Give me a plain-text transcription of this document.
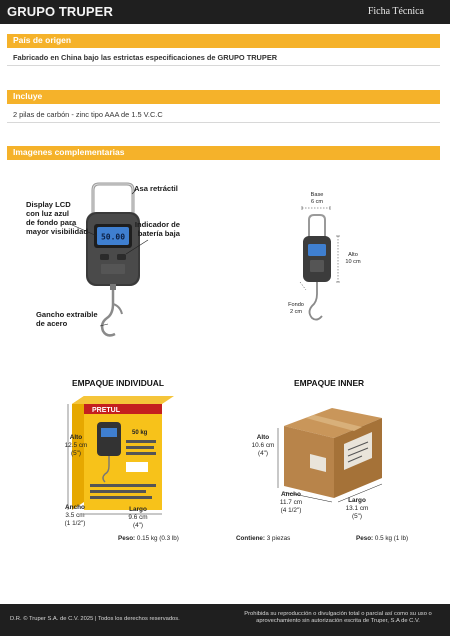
GRUPO TRUPER	Ficha Técnica
País de origen
Fabricado en China bajo las estrictas especificaciones de GRUPO TRUPER
Incluye
2 pilas de carbón - zinc tipo AAA de 1.5 V.C.C
Imagenes complementarias
50.00
Asa retráctil
Display LCD
con luz azul
de fondo para
mayor visibilidad
Indicador de
batería baja
Gancho extraíble
de acero
Base
6 cm
Alto
10 cm
Fondo
2 cm
EMPAQUE INDIVIDUAL	EMPAQUE INNER
PRETUL
50 kg
Alto
12.5 cm
(5")
Ancho
3.5 cm
(1 1/2")
Largo
9.6 cm
(4")
Peso: 0.15 kg (0.3 lb)
Alto
10.6 cm
(4")
Ancho
11.7 cm
(4 1/2")
Largo
13.1 cm
(5")
Contiene: 3 piezas	Peso: 0.5 kg (1 lb)
D.R. © Truper S.A. de C.V. 2025 | Todos los derechos reservados.
Prohibida su reproducción o divulgación total o parcial así como su uso o aprovechamiento sin autorización escrita de Truper, S.A de C.V.
